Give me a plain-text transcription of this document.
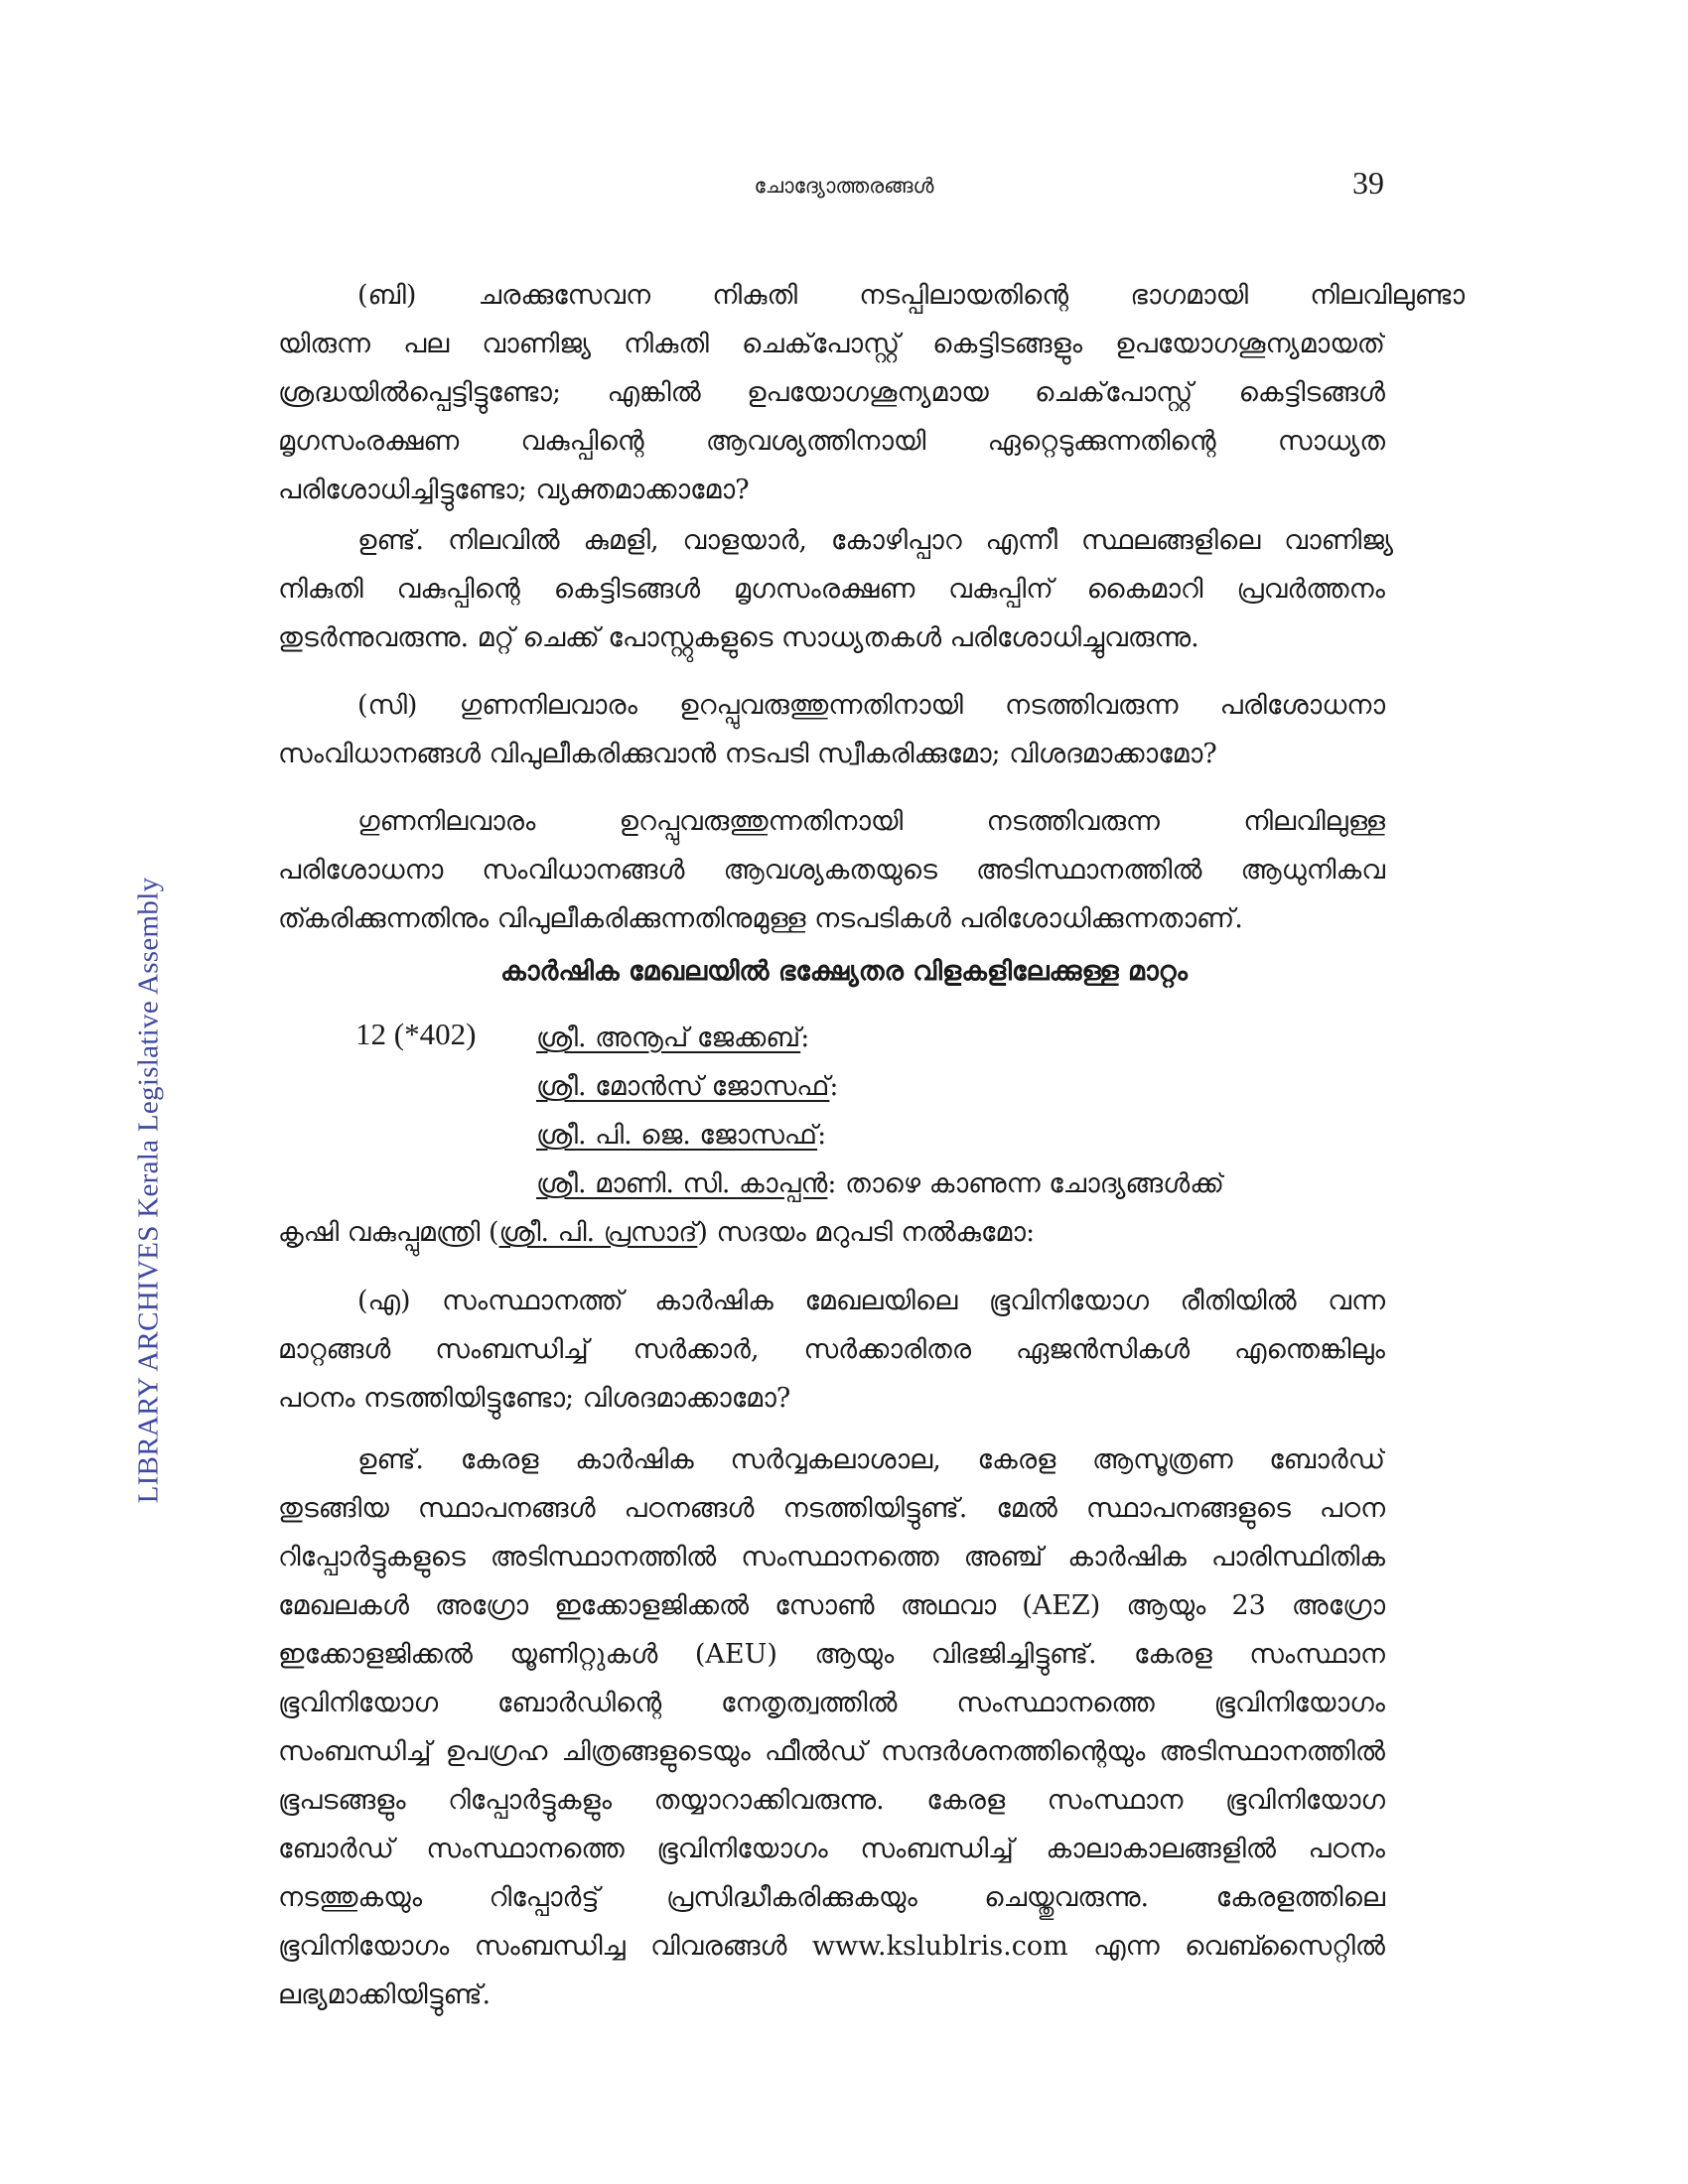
LIBRARY ARCHIVES Kerala Legislative Assembly
ചോദ്യോത്തരങ്ങൾ	39
(ബി) ചരക്കുസേവന നികുതി നടപ്പിലായതിന്റെ ഭാഗമായി നിലവിലുണ്ടാ
യിരുന്ന പല വാണിജ്യ നികുതി ചെക്‌പോസ്റ്റ് കെട്ടിടങ്ങളും ഉപയോഗശൂന്യമായത്
ശ്രദ്ധയിൽപ്പെട്ടിട്ടുണ്ടോ; എങ്കിൽ ഉപയോഗശൂന്യമായ ചെക്‌പോസ്റ്റ് കെട്ടിടങ്ങൾ
മൃഗസംരക്ഷണ വകുപ്പിന്റെ ആവശ്യത്തിനായി ഏറ്റെടുക്കുന്നതിന്റെ സാധ്യത
പരിശോധിച്ചിട്ടുണ്ടോ; വ്യക്തമാക്കാമോ?
ഉണ്ട്. നിലവിൽ കുമളി, വാളയാർ, കോഴിപ്പാറ എന്നീ സ്ഥലങ്ങളിലെ വാണിജ്യ
നികുതി വകുപ്പിന്റെ കെട്ടിടങ്ങൾ മൃഗസംരക്ഷണ വകുപ്പിന് കൈമാറി പ്രവർത്തനം
തുടർന്നുവരുന്നു. മറ്റ് ചെക്ക് പോസ്റ്റുകളുടെ സാധ്യതകൾ പരിശോധിച്ചുവരുന്നു.
(സി) ഗുണനിലവാരം ഉറപ്പുവരുത്തുന്നതിനായി നടത്തിവരുന്ന പരിശോധനാ
സംവിധാനങ്ങൾ വിപുലീകരിക്കുവാൻ നടപടി സ്വീകരിക്കുമോ; വിശദമാക്കാമോ?
ഗുണനിലവാരം ഉറപ്പുവരുത്തുന്നതിനായി നടത്തിവരുന്ന നിലവിലുള്ള
പരിശോധനാ സംവിധാനങ്ങൾ ആവശ്യകതയുടെ അടിസ്ഥാനത്തിൽ ആധുനികവ
ത്കരിക്കുന്നതിനും വിപുലീകരിക്കുന്നതിനുമുള്ള നടപടികൾ പരിശോധിക്കുന്നതാണ്.
കാർഷിക മേഖലയിൽ ഭക്ഷ്യേതര വിളകളിലേക്കുള്ള മാറ്റം
12 (*402) ശ്രീ. അനൂപ് ജേക്കബ്:
ശ്രീ. മോൻസ് ജോസഫ്:
ശ്രീ. പി. ജെ. ജോസഫ്:
ശ്രീ. മാണി. സി. കാപ്പൻ: താഴെ കാണുന്ന ചോദ്യങ്ങൾക്ക്
കൃഷി വകുപ്പുമന്ത്രി (ശ്രീ. പി. പ്രസാദ്) സദയം മറുപടി നൽകുമോ:
(എ) സംസ്ഥാനത്ത് കാർഷിക മേഖലയിലെ ഭൂവിനിയോഗ രീതിയിൽ വന്ന
മാറ്റങ്ങൾ സംബന്ധിച്ച് സർക്കാർ, സർക്കാരിതര ഏജൻസികൾ എന്തെങ്കിലും
പഠനം നടത്തിയിട്ടുണ്ടോ; വിശദമാക്കാമോ?
ഉണ്ട്. കേരള കാർഷിക സർവ്വകലാശാല, കേരള ആസൂത്രണ ബോർഡ്
തുടങ്ങിയ സ്ഥാപനങ്ങൾ പഠനങ്ങൾ നടത്തിയിട്ടുണ്ട്. മേൽ സ്ഥാപനങ്ങളുടെ പഠന
റിപ്പോർട്ടുകളുടെ അടിസ്ഥാനത്തിൽ സംസ്ഥാനത്തെ അഞ്ച് കാർഷിക പാരിസ്ഥിതിക
മേഖലകൾ അഗ്രോ ഇക്കോളജിക്കൽ സോൺ അഥവാ (AEZ) ആയും 23 അഗ്രോ
ഇക്കോളജിക്കൽ യൂണിറ്റുകൾ (AEU) ആയും വിഭജിച്ചിട്ടുണ്ട്. കേരള സംസ്ഥാന
ഭൂവിനിയോഗ ബോർഡിന്റെ നേതൃത്വത്തിൽ സംസ്ഥാനത്തെ ഭൂവിനിയോഗം
സംബന്ധിച്ച് ഉപഗ്രഹ ചിത്രങ്ങളുടെയും ഫീൽഡ് സന്ദർശനത്തിന്റെയും അടിസ്ഥാനത്തിൽ
ഭൂപടങ്ങളും റിപ്പോർട്ടുകളും തയ്യാറാക്കിവരുന്നു. കേരള സംസ്ഥാന ഭൂവിനിയോഗ
ബോർഡ് സംസ്ഥാനത്തെ ഭൂവിനിയോഗം സംബന്ധിച്ച് കാലാകാലങ്ങളിൽ പഠനം
നടത്തുകയും റിപ്പോർട്ട് പ്രസിദ്ധീകരിക്കുകയും ചെയ്തുവരുന്നു. കേരളത്തിലെ
ഭൂവിനിയോഗം സംബന്ധിച്ച വിവരങ്ങൾ www.kslublris.com എന്ന വെബ്സൈറ്റിൽ
ലഭ്യമാക്കിയിട്ടുണ്ട്.
